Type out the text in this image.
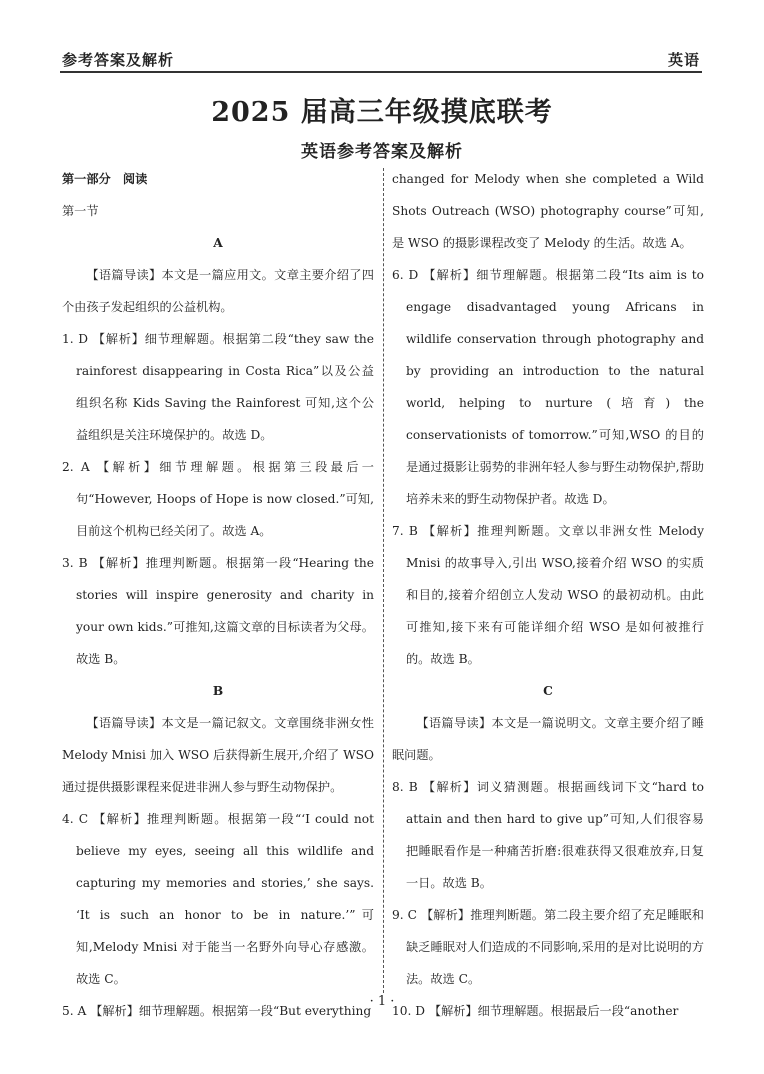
参考答案及解析	英语
2025 届高三年级摸底联考
英语参考答案及解析

第一部分　阅读

第一节

A

【语篇导读】本文是一篇应用文。文章主要介绍了四个由孩子发起组织的公益机构。

1. D 【解析】细节理解题。根据第二段“they saw the rainforest disappearing in Costa Rica”以及公益组织名称 Kids Saving the Rainforest 可知,这个公益组织是关注环境保护的。故选 D。

2. A 【解析】细节理解题。根据第三段最后一句“However, Hoops of Hope is now closed.”可知,目前这个机构已经关闭了。故选 A。

3. B 【解析】推理判断题。根据第一段“Hearing the stories will inspire generosity and charity in your own kids.”可推知,这篇文章的目标读者为父母。故选 B。

B

【语篇导读】本文是一篇记叙文。文章围绕非洲女性 Melody Mnisi 加入 WSO 后获得新生展开,介绍了 WSO 通过提供摄影课程来促进非洲人参与野生动物保护。

4. C 【解析】推理判断题。根据第一段“‘I could not believe my eyes, seeing all this wildlife and capturing my memories and stories,’ she says. ‘It is such an honor to be in nature.’”可知,Melody Mnisi 对于能当一名野外向导心存感激。故选 C。

5. A 【解析】细节理解题。根据第一段“But everything

changed for Melody when she completed a Wild Shots Outreach (WSO) photography course”可知,是 WSO 的摄影课程改变了 Melody 的生活。故选 A。

6. D 【解析】细节理解题。根据第二段“Its aim is to engage disadvantaged young Africans in wildlife conservation through photography and by providing an introduction to the natural world, helping to nurture (培育) the conservationists of tomorrow.”可知,WSO 的目的是通过摄影让弱势的非洲年轻人参与野生动物保护,帮助培养未来的野生动物保护者。故选 D。

7. B 【解析】推理判断题。文章以非洲女性 Melody Mnisi 的故事导入,引出 WSO,接着介绍 WSO 的实质和目的,接着介绍创立人发动 WSO 的最初动机。由此可推知,接下来有可能详细介绍 WSO 是如何被推行的。故选 B。

C

【语篇导读】本文是一篇说明文。文章主要介绍了睡眠问题。

8. B 【解析】词义猜测题。根据画线词下文“hard to attain and then hard to give up”可知,人们很容易把睡眠看作是一种痛苦折磨:很难获得又很难放弃,日复一日。故选 B。

9. C 【解析】推理判断题。第二段主要介绍了充足睡眠和缺乏睡眠对人们造成的不同影响,采用的是对比说明的方法。故选 C。

10. D 【解析】细节理解题。根据最后一段“another

· 1 ·
